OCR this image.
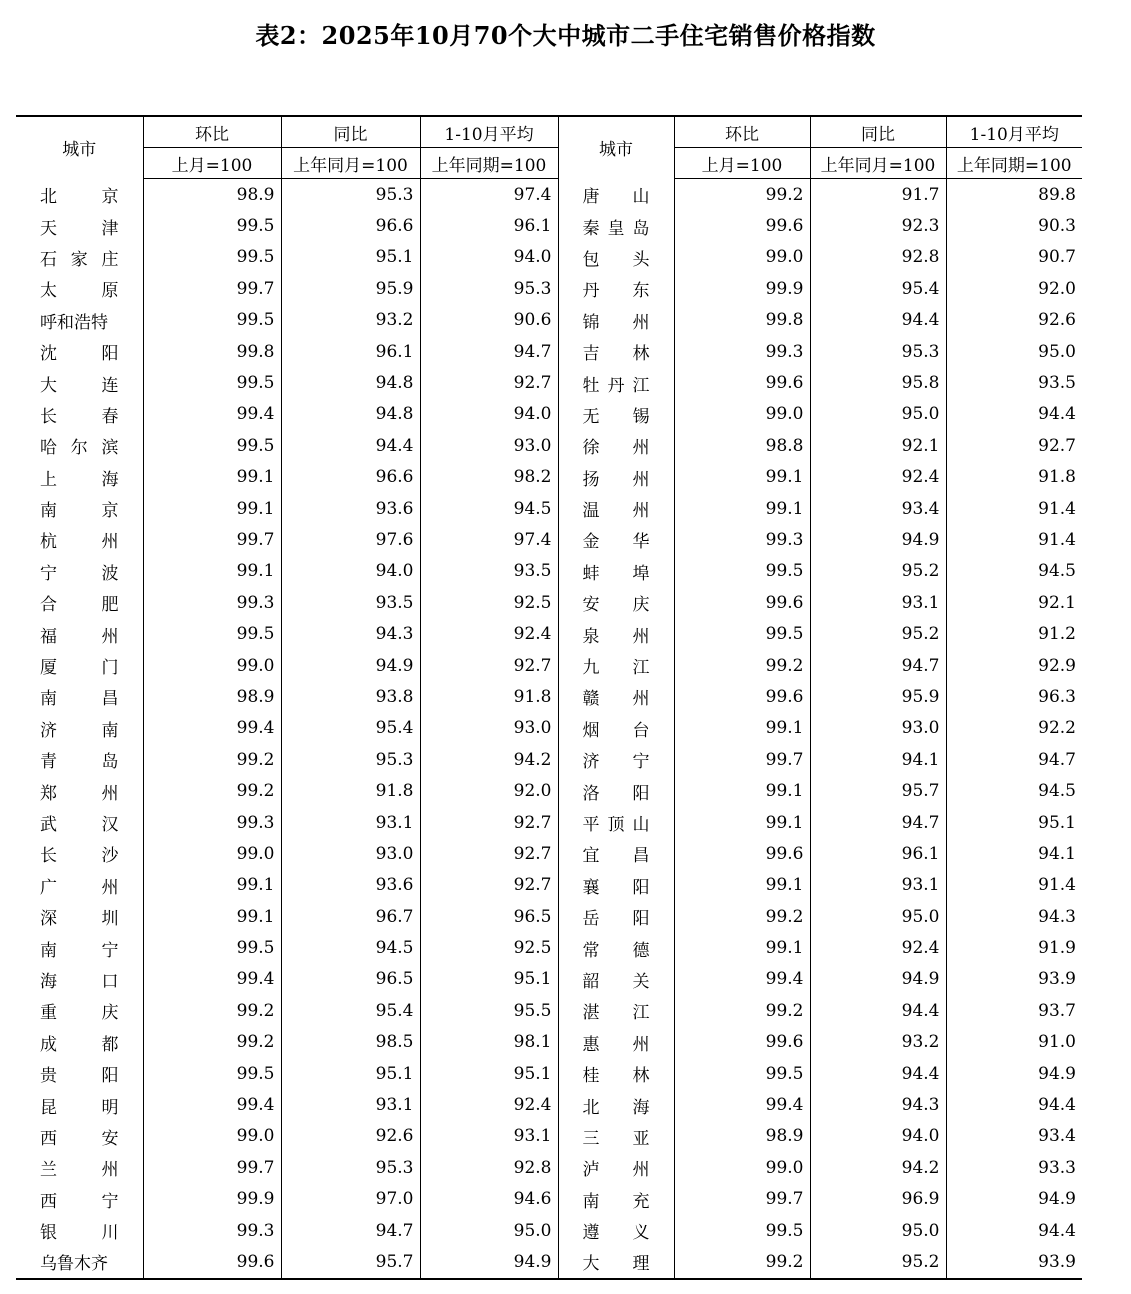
表2：2025年10月70个大中城市二手住宅销售价格指数
城市	环比	同比	1-10月平均	城市	环比	同比	1-10月平均
	上月=100	上年同月=100	上年同期=100		上月=100	上年同月=100	上年同期=100

北 京	98.9	95.3	97.4	唐 山	99.2	91.7	89.8

天 津	99.5	96.6	96.1	秦 皇 岛	99.6	92.3	90.3

石 家 庄	99.5	95.1	94.0	包 头	99.0	92.8	90.7

太 原	99.7	95.9	95.3	丹 东	99.9	95.4	92.0

呼和浩特	99.5	93.2	90.6	锦 州	99.8	94.4	92.6

沈 阳	99.8	96.1	94.7	吉 林	99.3	95.3	95.0

大 连	99.5	94.8	92.7	牡 丹 江	99.6	95.8	93.5

长 春	99.4	94.8	94.0	无 锡	99.0	95.0	94.4

哈 尔 滨	99.5	94.4	93.0	徐 州	98.8	92.1	92.7

上 海	99.1	96.6	98.2	扬 州	99.1	92.4	91.8

南 京	99.1	93.6	94.5	温 州	99.1	93.4	91.4

杭 州	99.7	97.6	97.4	金 华	99.3	94.9	91.4

宁 波	99.1	94.0	93.5	蚌 埠	99.5	95.2	94.5

合 肥	99.3	93.5	92.5	安 庆	99.6	93.1	92.1

福 州	99.5	94.3	92.4	泉 州	99.5	95.2	91.2

厦 门	99.0	94.9	92.7	九 江	99.2	94.7	92.9

南 昌	98.9	93.8	91.8	赣 州	99.6	95.9	96.3

济 南	99.4	95.4	93.0	烟 台	99.1	93.0	92.2

青 岛	99.2	95.3	94.2	济 宁	99.7	94.1	94.7

郑 州	99.2	91.8	92.0	洛 阳	99.1	95.7	94.5

武 汉	99.3	93.1	92.7	平 顶 山	99.1	94.7	95.1

长 沙	99.0	93.0	92.7	宜 昌	99.6	96.1	94.1

广 州	99.1	93.6	92.7	襄 阳	99.1	93.1	91.4

深 圳	99.1	96.7	96.5	岳 阳	99.2	95.0	94.3

南 宁	99.5	94.5	92.5	常 德	99.1	92.4	91.9

海 口	99.4	96.5	95.1	韶 关	99.4	94.9	93.9

重 庆	99.2	95.4	95.5	湛 江	99.2	94.4	93.7

成 都	99.2	98.5	98.1	惠 州	99.6	93.2	91.0

贵 阳	99.5	95.1	95.1	桂 林	99.5	94.4	94.9

昆 明	99.4	93.1	92.4	北 海	99.4	94.3	94.4

西 安	99.0	92.6	93.1	三 亚	98.9	94.0	93.4

兰 州	99.7	95.3	92.8	泸 州	99.0	94.2	93.3

西 宁	99.9	97.0	94.6	南 充	99.7	96.9	94.9

银 川	99.3	94.7	95.0	遵 义	99.5	95.0	94.4

乌鲁木齐	99.6	95.7	94.9	大 理	99.2	95.2	93.9
